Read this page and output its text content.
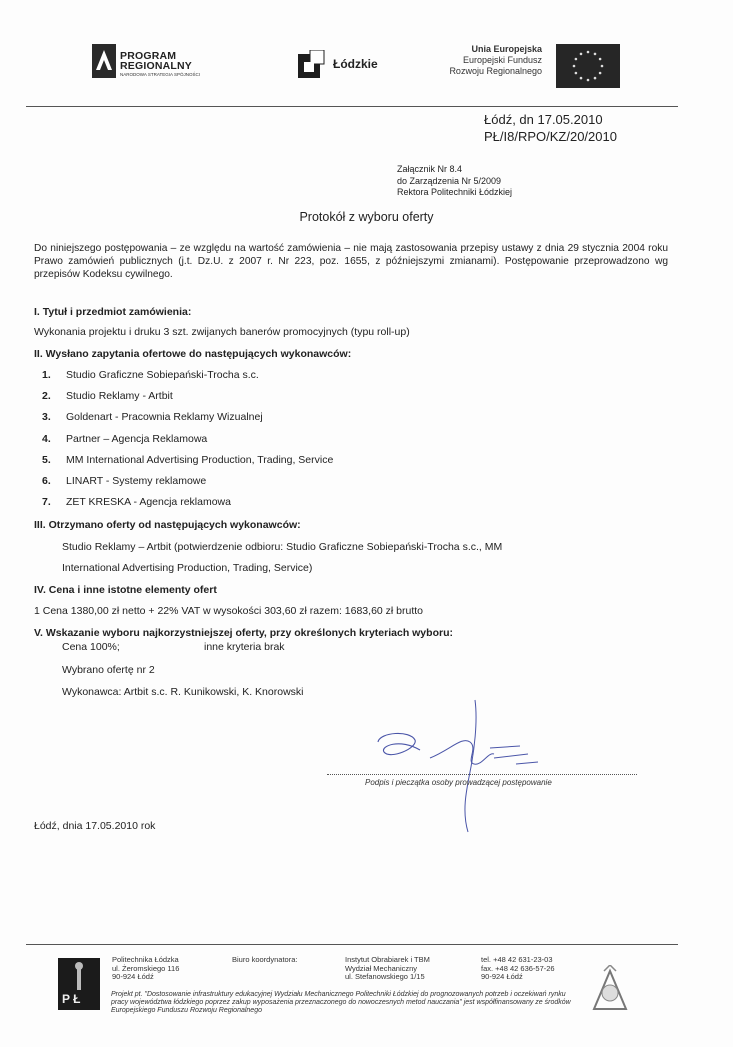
PROGRAM REGIONALNY
NARODOWA STRATEGIA SPÓJNOŚCI
Łódzkie
Unia Europejska
Europejski Fundusz
Rozwoju Regionalnego
Łódź, dn 17.05.2010
PŁ/I8/RPO/KZ/20/2010
Załącznik Nr 8.4
do Zarządzenia Nr 5/2009
Rektora Politechniki Łódzkiej
Protokół z wyboru oferty
Do niniejszego postępowania – ze względu na wartość zamówienia – nie mają zastosowania przepisy ustawy z dnia 29 stycznia 2004 roku Prawo zamówień publicznych (j.t. Dz.U. z 2007 r. Nr 223, poz. 1655, z późniejszymi zmianami). Postępowanie przeprowadzono wg przepisów Kodeksu cywilnego.
I. Tytuł i przedmiot zamówienia:
Wykonania projektu i druku 3 szt. zwijanych banerów promocyjnych (typu roll-up)
II. Wysłano zapytania ofertowe do następujących wykonawców:
1. Studio Graficzne Sobiepański-Trocha s.c.
2. Studio Reklamy - Artbit
3. Goldenart - Pracownia Reklamy Wizualnej
4. Partner – Agencja Reklamowa
5. MM International Advertising Production, Trading, Service
6. LINART - Systemy reklamowe
7. ZET KRESKA - Agencja reklamowa
III. Otrzymano oferty od następujących wykonawców:
Studio Reklamy – Artbit (potwierdzenie odbioru: Studio Graficzne Sobiepański-Trocha s.c., MM
International Advertising Production, Trading, Service)
IV. Cena i inne istotne elementy ofert
1 Cena 1380,00 zł netto + 22% VAT w wysokości 303,60 zł razem: 1683,60 zł brutto
V. Wskazanie wyboru najkorzystniejszej oferty, przy określonych kryteriach wyboru:
Cena 100%;	inne kryteria brak
Wybrano ofertę nr 2
Wykonawca: Artbit s.c. R. Kunikowski, K. Knorowski
Podpis i pieczątka osoby prowadzącej postępowanie
Łódź, dnia 17.05.2010 rok
P Ł
Politechnika Łódzka
ul. Żeromskiego 116
90-924 Łódź
Biuro koordynatora:	Instytut Obrabiarek i TBM
Wydział Mechaniczny
ul. Stefanowskiego 1/15
tel. +48 42 631-23-03
fax. +48 42 636-57-26
90-924 Łódź
Projekt pt. "Dostosowanie infrastruktury edukacyjnej Wydziału Mechanicznego Politechniki Łódzkiej do prognozowanych potrzeb i oczekiwań rynku pracy województwa łódzkiego poprzez zakup wyposażenia przeznaczonego do nowoczesnych metod nauczania" jest współfinansowany ze środków Europejskiego Funduszu Rozwoju Regionalnego
